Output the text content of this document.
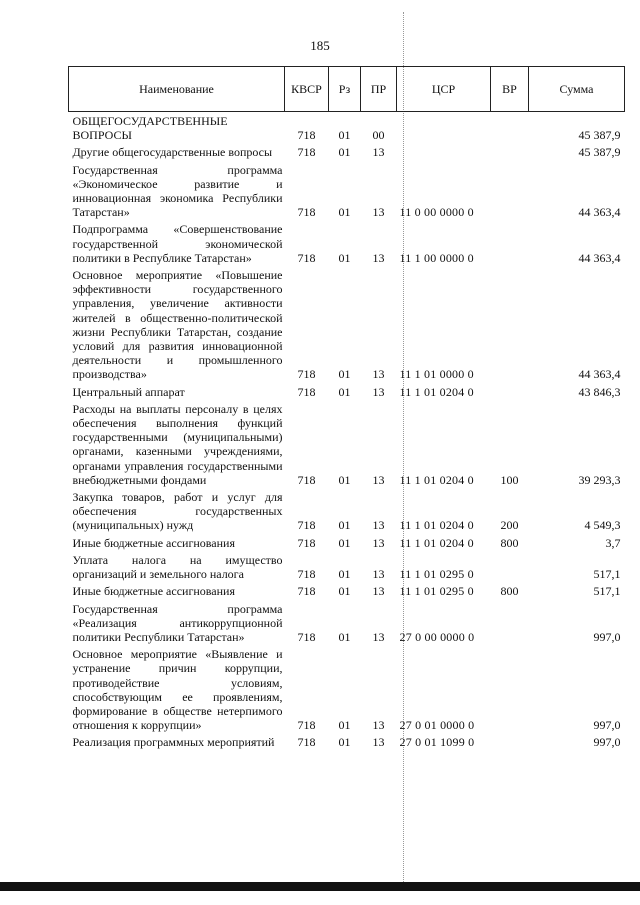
185
Наименование	КВСР	Рз	ПР	ЦСР	ВР	Сумма
ОБЩЕГОСУДАРСТВЕННЫЕ ВОПРОСЫ	718	01	00			45 387,9
Другие общегосударственные вопросы	718	01	13			45 387,9
Государственная программа «Экономическое развитие и инновационная экономика Республики Татарстан»	718	01	13	11 0 00 0000 0		44 363,4
Подпрограмма «Совершенствование государственной экономической политики в Республике Татарстан»	718	01	13	11 1 00 0000 0		44 363,4
Основное мероприятие «Повышение эффективности государственного управления, увеличение активности жителей в общественно-политической жизни Республики Татарстан, создание условий для развития инновационной деятельности и промышленного производства»	718	01	13	11 1 01 0000 0		44 363,4
Центральный аппарат	718	01	13	11 1 01 0204 0		43 846,3
Расходы на выплаты персоналу в целях обеспечения выполнения функций государственными (муниципальными) органами, казенными учреждениями, органами управления государственными внебюджетными фондами	718	01	13	11 1 01 0204 0	100	39 293,3
Закупка товаров, работ и услуг для обеспечения государственных (муниципальных) нужд	718	01	13	11 1 01 0204 0	200	4 549,3
Иные бюджетные ассигнования	718	01	13	11 1 01 0204 0	800	3,7
Уплата налога на имущество организаций и земельного налога	718	01	13	11 1 01 0295 0		517,1
Иные бюджетные ассигнования	718	01	13	11 1 01 0295 0	800	517,1
Государственная программа «Реализация антикоррупционной политики Республики Татарстан»	718	01	13	27 0 00 0000 0		997,0
Основное мероприятие «Выявление и устранение причин коррупции, противодействие условиям, способствующим ее проявлениям, формирование в обществе нетерпимого отношения к коррупции»	718	01	13	27 0 01 0000 0		997,0
Реализация программных мероприятий	718	01	13	27 0 01 1099 0		997,0
